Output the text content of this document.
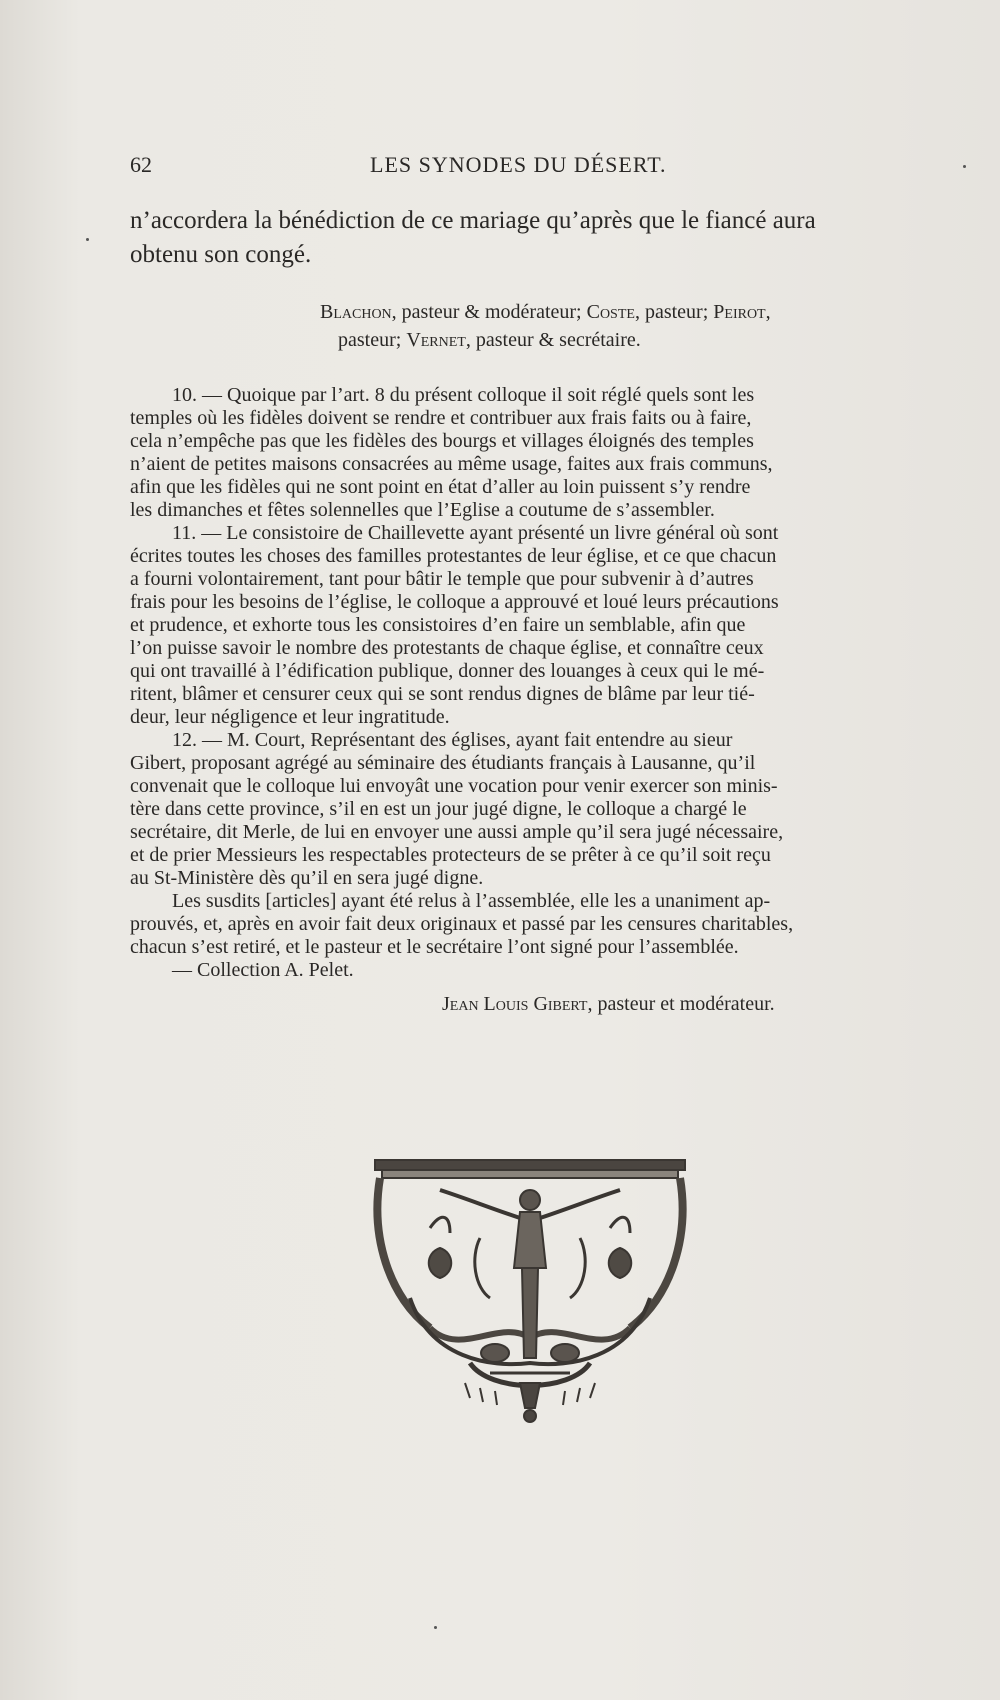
62	LES SYNODES DU DÉSERT.
n’accordera la bénédiction de ce mariage qu’après que le fiancé aura
obtenu son congé.
Blachon, pasteur & modérateur; Coste, pasteur; Peirot,
pasteur; Vernet, pasteur & secrétaire.
10. — Quoique par l’art. 8 du présent colloque il soit réglé quels sont les
temples où les fidèles doivent se rendre et contribuer aux frais faits ou à faire,
cela n’empêche pas que les fidèles des bourgs et villages éloignés des temples
n’aient de petites maisons consacrées au même usage, faites aux frais communs,
afin que les fidèles qui ne sont point en état d’aller au loin puissent s’y rendre
les dimanches et fêtes solennelles que l’Eglise a coutume de s’assembler.
11. — Le consistoire de Chaillevette ayant présenté un livre général où sont
écrites toutes les choses des familles protestantes de leur église, et ce que chacun
a fourni volontairement, tant pour bâtir le temple que pour subvenir à d’autres
frais pour les besoins de l’église, le colloque a approuvé et loué leurs précautions
et prudence, et exhorte tous les consistoires d’en faire un semblable, afin que
l’on puisse savoir le nombre des protestants de chaque église, et connaître ceux
qui ont travaillé à l’édification publique, donner des louanges à ceux qui le mé-
ritent, blâmer et censurer ceux qui se sont rendus dignes de blâme par leur tié-
deur, leur négligence et leur ingratitude.
12. — M. Court, Représentant des églises, ayant fait entendre au sieur
Gibert, proposant agrégé au séminaire des étudiants français à Lausanne, qu’il
convenait que le colloque lui envoyât une vocation pour venir exercer son minis-
tère dans cette province, s’il en est un jour jugé digne, le colloque a chargé le
secrétaire, dit Merle, de lui en envoyer une aussi ample qu’il sera jugé nécessaire,
et de prier Messieurs les respectables protecteurs de se prêter à ce qu’il soit reçu
au St-Ministère dès qu’il en sera jugé digne.
Les susdits [articles] ayant été relus à l’assemblée, elle les a unaniment ap-
prouvés, et, après en avoir fait deux originaux et passé par les censures charitables,
chacun s’est retiré, et le pasteur et le secrétaire l’ont signé pour l’assemblée.
— Collection A. Pelet.
Jean Louis Gibert, pasteur et modérateur.
